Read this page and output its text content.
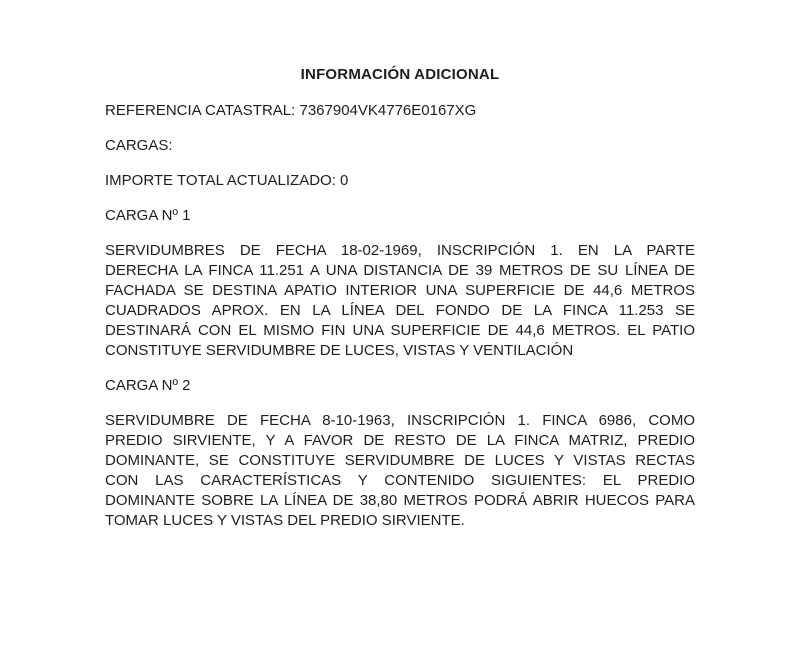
INFORMACIÓN ADICIONAL

REFERENCIA CATASTRAL: 7367904VK4776E0167XG

CARGAS:

IMPORTE TOTAL ACTUALIZADO: 0

CARGA Nº 1

SERVIDUMBRES DE FECHA 18-02-1969, INSCRIPCIÓN 1. EN LA PARTE
DERECHA LA FINCA 11.251 A UNA DISTANCIA DE 39 METROS DE SU LÍNEA DE
FACHADA SE DESTINA APATIO INTERIOR UNA SUPERFICIE DE 44,6 METROS
CUADRADOS APROX. EN LA LÍNEA DEL FONDO DE LA FINCA 11.253 SE
DESTINARÁ CON EL MISMO FIN UNA SUPERFICIE DE 44,6 METROS. EL PATIO
CONSTITUYE SERVIDUMBRE DE LUCES, VISTAS Y VENTILACIÓN

CARGA Nº 2

SERVIDUMBRE DE FECHA 8-10-1963, INSCRIPCIÓN 1. FINCA 6986, COMO
PREDIO SIRVIENTE, Y A FAVOR DE RESTO DE LA FINCA MATRIZ, PREDIO
DOMINANTE, SE CONSTITUYE SERVIDUMBRE DE LUCES Y VISTAS RECTAS
CON LAS CARACTERÍSTICAS Y CONTENIDO SIGUIENTES: EL PREDIO
DOMINANTE SOBRE LA LÍNEA DE 38,80 METROS PODRÁ ABRIR HUECOS PARA
TOMAR LUCES Y VISTAS DEL PREDIO SIRVIENTE.
